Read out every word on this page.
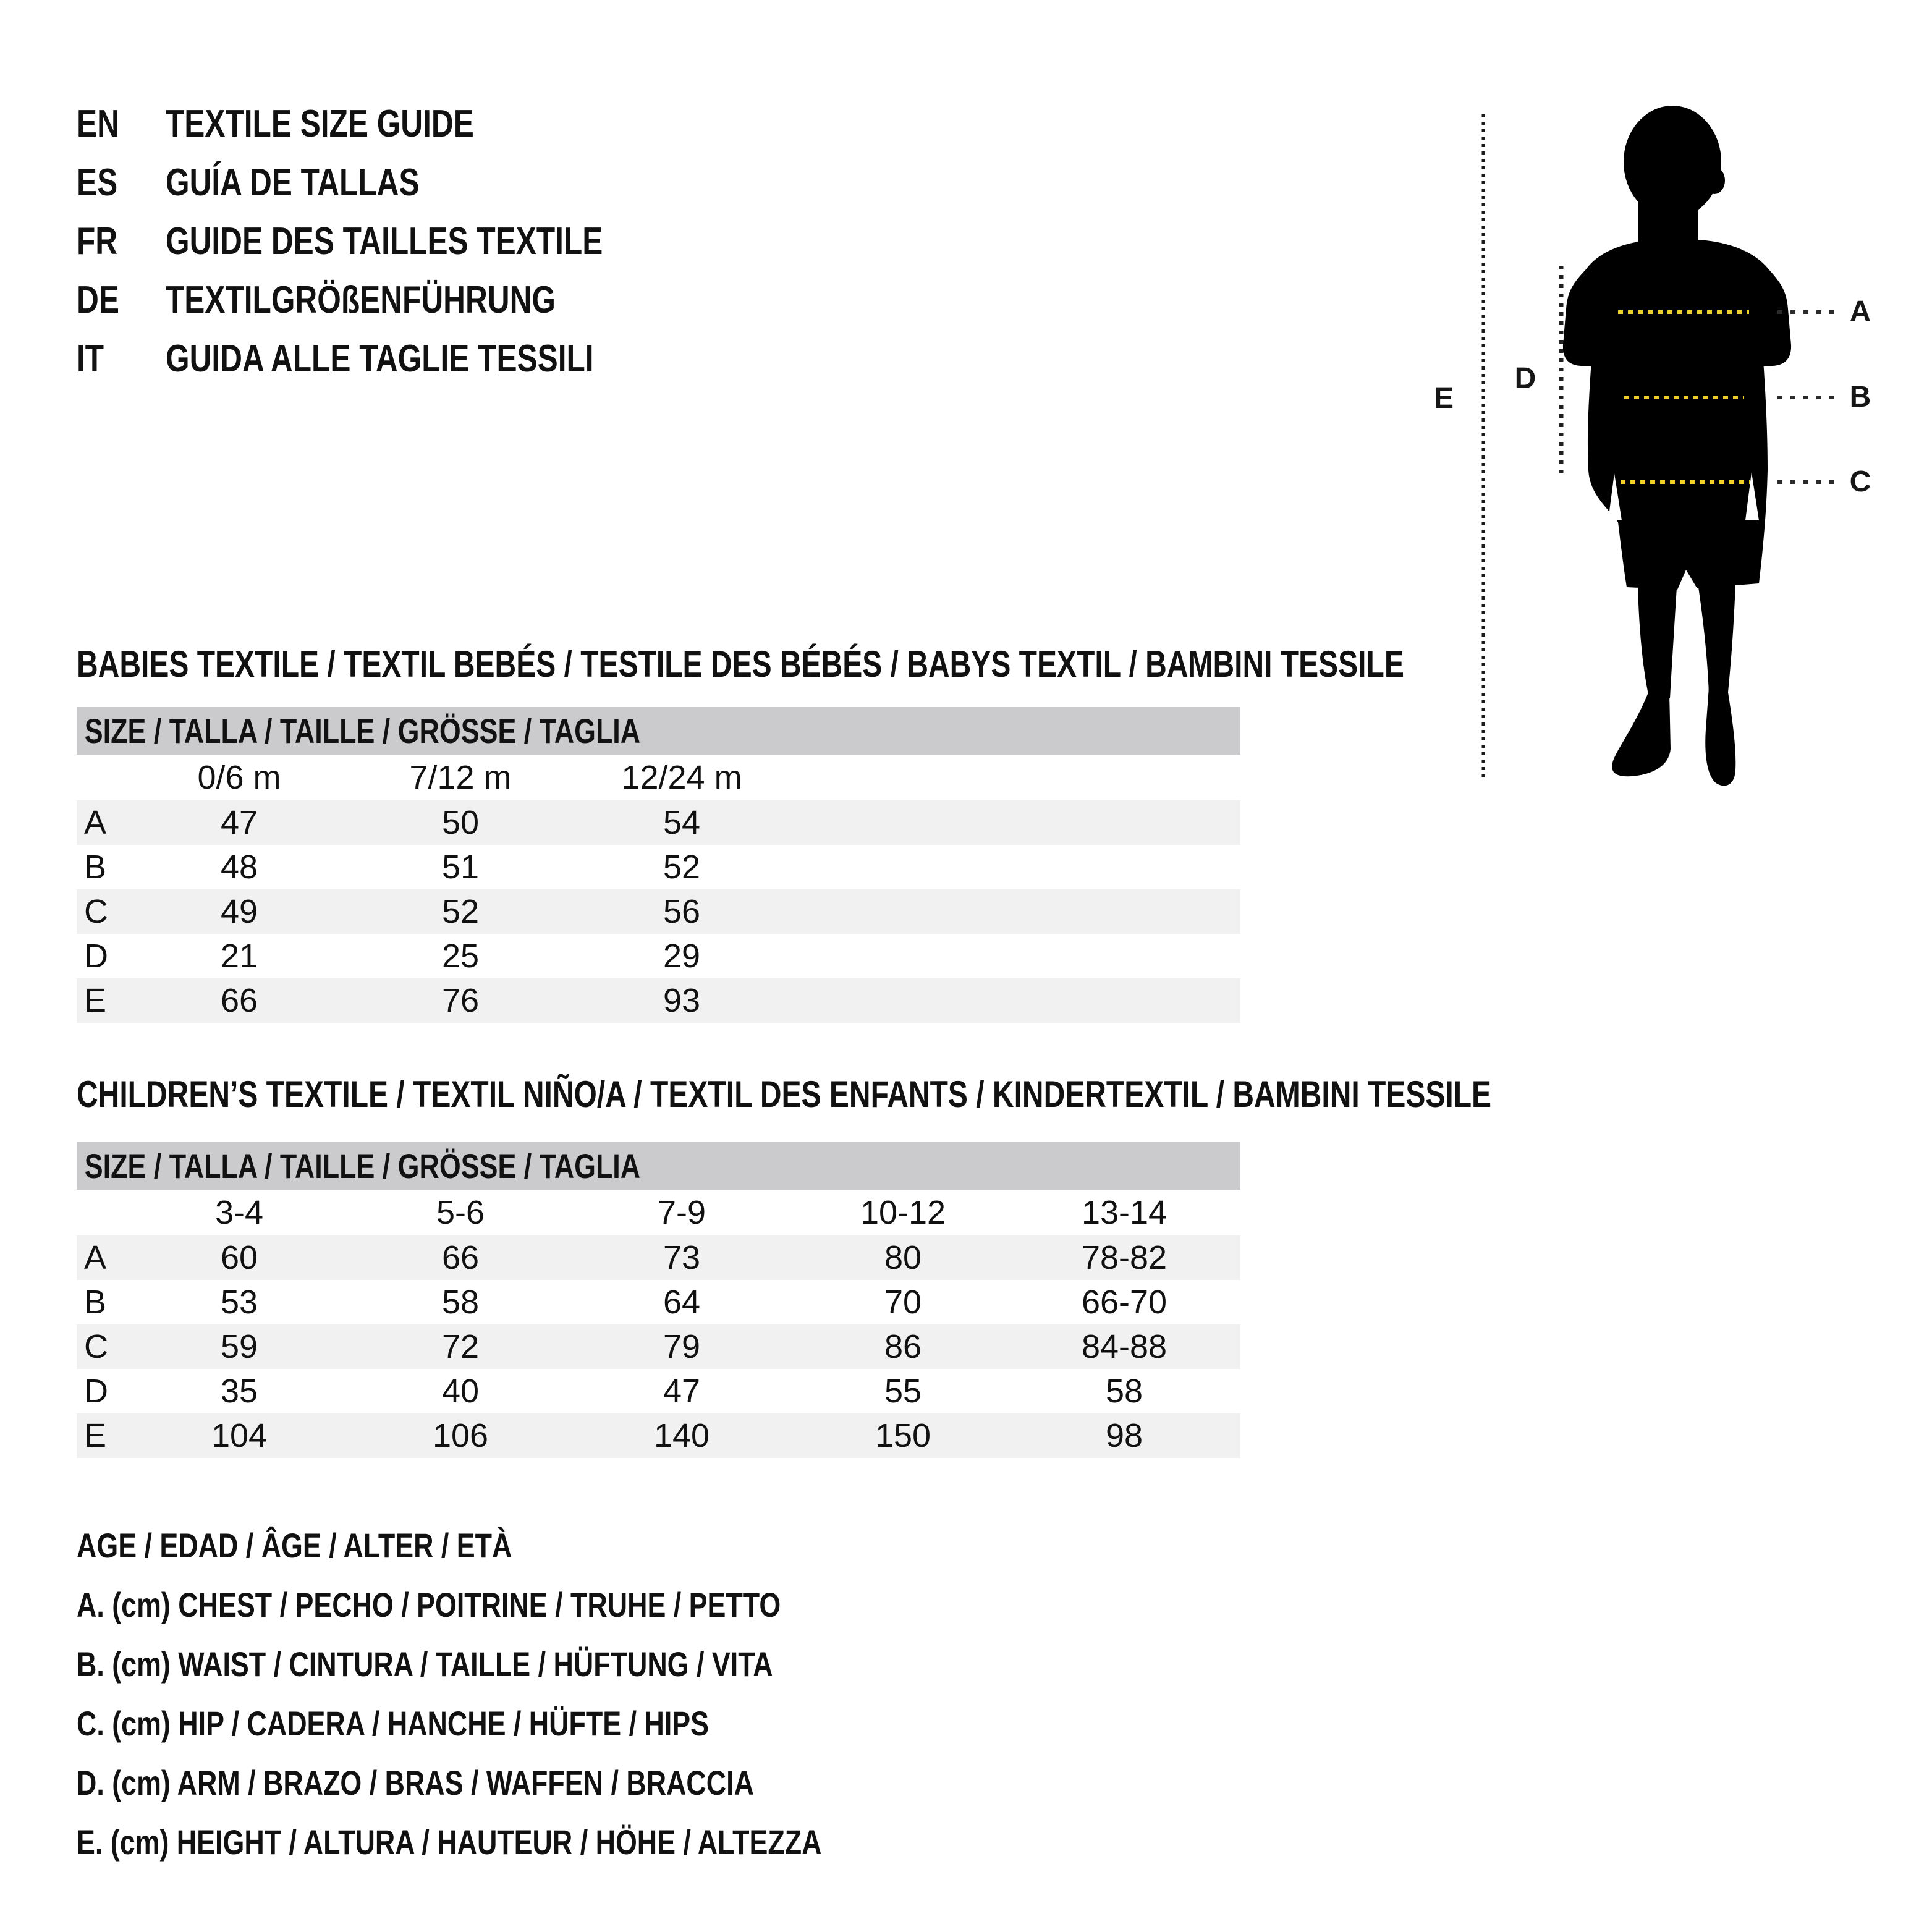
EN	TEXTILE SIZE GUIDE
ES	GUÍA DE TALLAS
FR	GUIDE DES TAILLES TEXTILE
DE	TEXTILGRÖßENFÜHRUNG
IT	GUIDA ALLE TAGLIE TESSILI
A
B
C
D
E
BABIES TEXTILE / TEXTIL BEBÉS / TESTILE DES BÉBÉS / BABYS TEXTIL / BAMBINI TESSILE
SIZE / TALLA / TAILLE / GRÖSSE / TAGLIA
0/6 m	7/12 m	12/24 m
A	47	50	54
B	48	51	52
C	49	52	56
D	21	25	29
E	66	76	93
CHILDREN’S TEXTILE / TEXTIL NIÑO/A / TEXTIL DES ENFANTS / KINDERTEXTIL / BAMBINI TESSILE
SIZE / TALLA / TAILLE / GRÖSSE / TAGLIA
3-4	5-6	7-9	10-12	13-14
A	60	66	73	80	78-82
B	53	58	64	70	66-70
C	59	72	79	86	84-88
D	35	40	47	55	58
E	104	106	140	150	98
AGE / EDAD / ÂGE / ALTER / ETÀ
A. (cm) CHEST / PECHO / POITRINE / TRUHE / PETTO
B. (cm) WAIST / CINTURA / TAILLE / HÜFTUNG / VITA
C. (cm) HIP / CADERA / HANCHE / HÜFTE / HIPS
D. (cm) ARM / BRAZO / BRAS / WAFFEN / BRACCIA
E. (cm) HEIGHT / ALTURA / HAUTEUR / HÖHE / ALTEZZA
